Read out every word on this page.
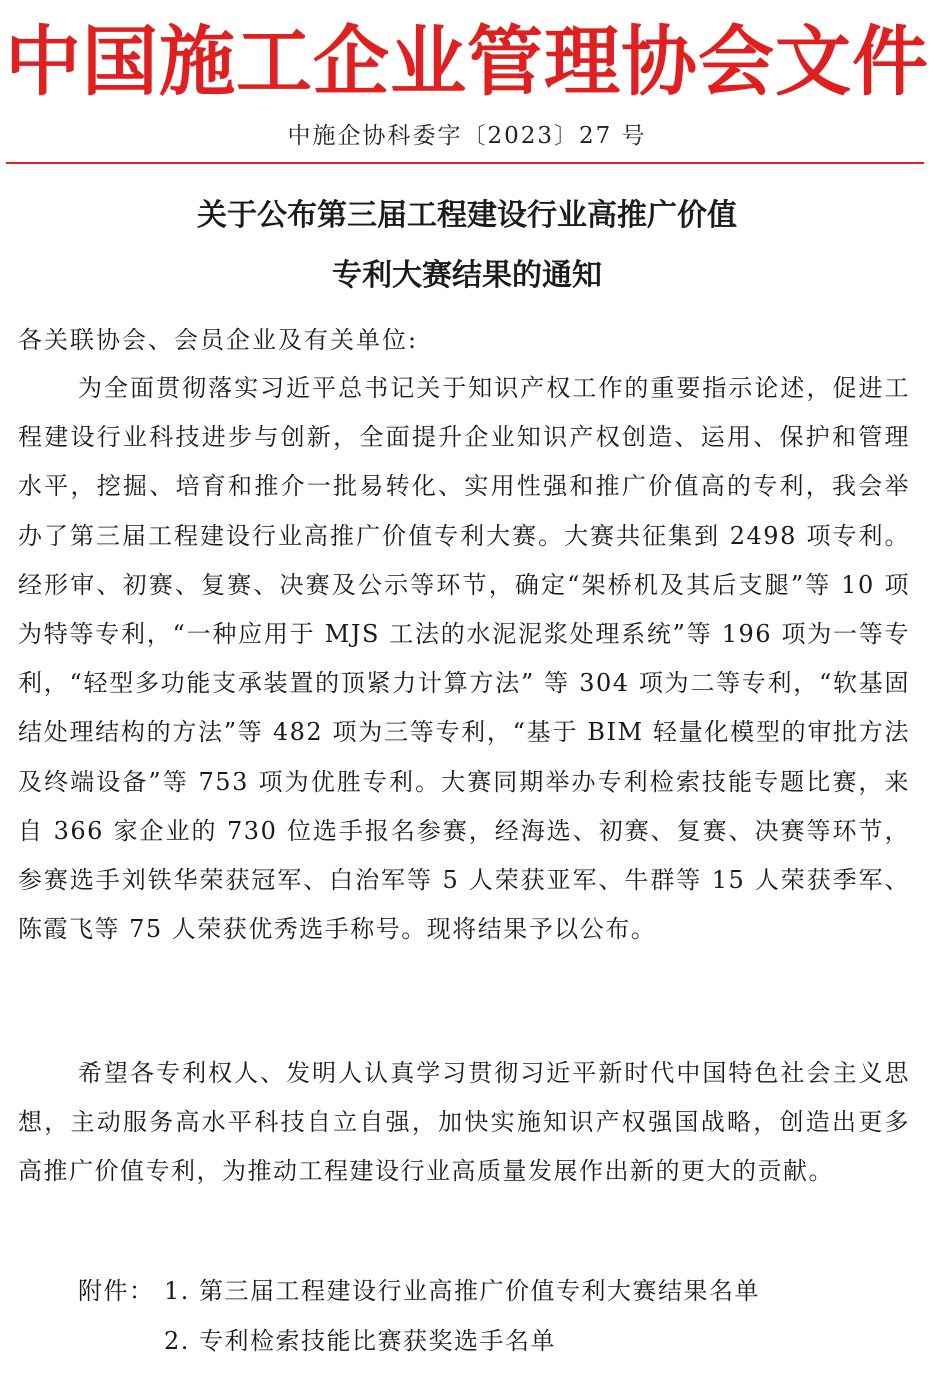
中国施工企业管理协会文件
中施企协科委字〔2023〕27 号
关于公布第三届工程建设行业高推广价值
专利大赛结果的通知
各关联协会、会员企业及有关单位:

为全面贯彻落实习近平总书记关于知识产权工作的重要指示论述，促进工程建设行业科技进步与创新，全面提升企业知识产权创造、运用、保护和管理水平，挖掘、培育和推介一批易转化、实用性强和推广价值高的专利，我会举办了第三届工程建设行业高推广价值专利大赛。大赛共征集到 2498 项专利。经形审、初赛、复赛、决赛及公示等环节，确定“架桥机及其后支腿”等 10 项为特等专利，“一种应用于 MJS 工法的水泥泥浆处理系统”等 196 项为一等专利，“轻型多功能支承装置的顶紧力计算方法” 等 304 项为二等专利，“软基固结处理结构的方法”等 482 项为三等专利，“基于 BIM 轻量化模型的审批方法及终端设备”等 753 项为优胜专利。大赛同期举办专利检索技能专题比赛，来自 366 家企业的 730 位选手报名参赛，经海选、初赛、复赛、决赛等环节，参赛选手刘铁华荣获冠军、白治军等 5 人荣获亚军、牛群等 15 人荣获季军、陈霞飞等 75 人荣获优秀选手称号。现将结果予以公布。

希望各专利权人、发明人认真学习贯彻习近平新时代中国特色社会主义思想，主动服务高水平科技自立自强，加快实施知识产权强国战略，创造出更多高推广价值专利，为推动工程建设行业高质量发展作出新的更大的贡献。

附件： 1. 第三届工程建设行业高推广价值专利大赛结果名单
2. 专利检索技能比赛获奖选手名单
